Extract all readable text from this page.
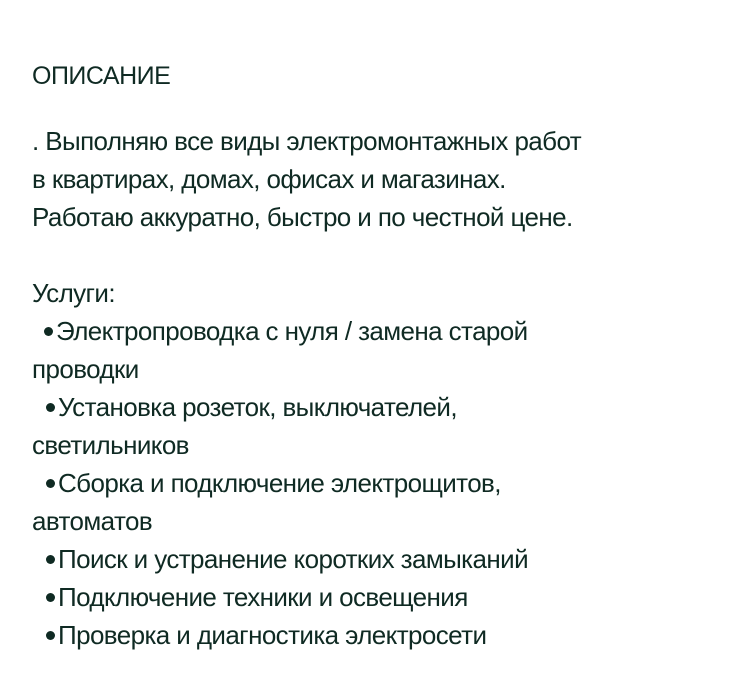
ОПИСАНИЕ

. Выполняю все виды электромонтажных работ
в квартирах, домах, офисах и магазинах.
Работаю аккуратно, быстро и по честной цене.

Услуги:
Электропроводка с нуля / замена старой
проводки
Установка розеток, выключателей,
светильников
Сборка и подключение электрощитов,
автоматов
Поиск и устранение коротких замыканий
Подключение техники и освещения
Проверка и диагностика электросети
